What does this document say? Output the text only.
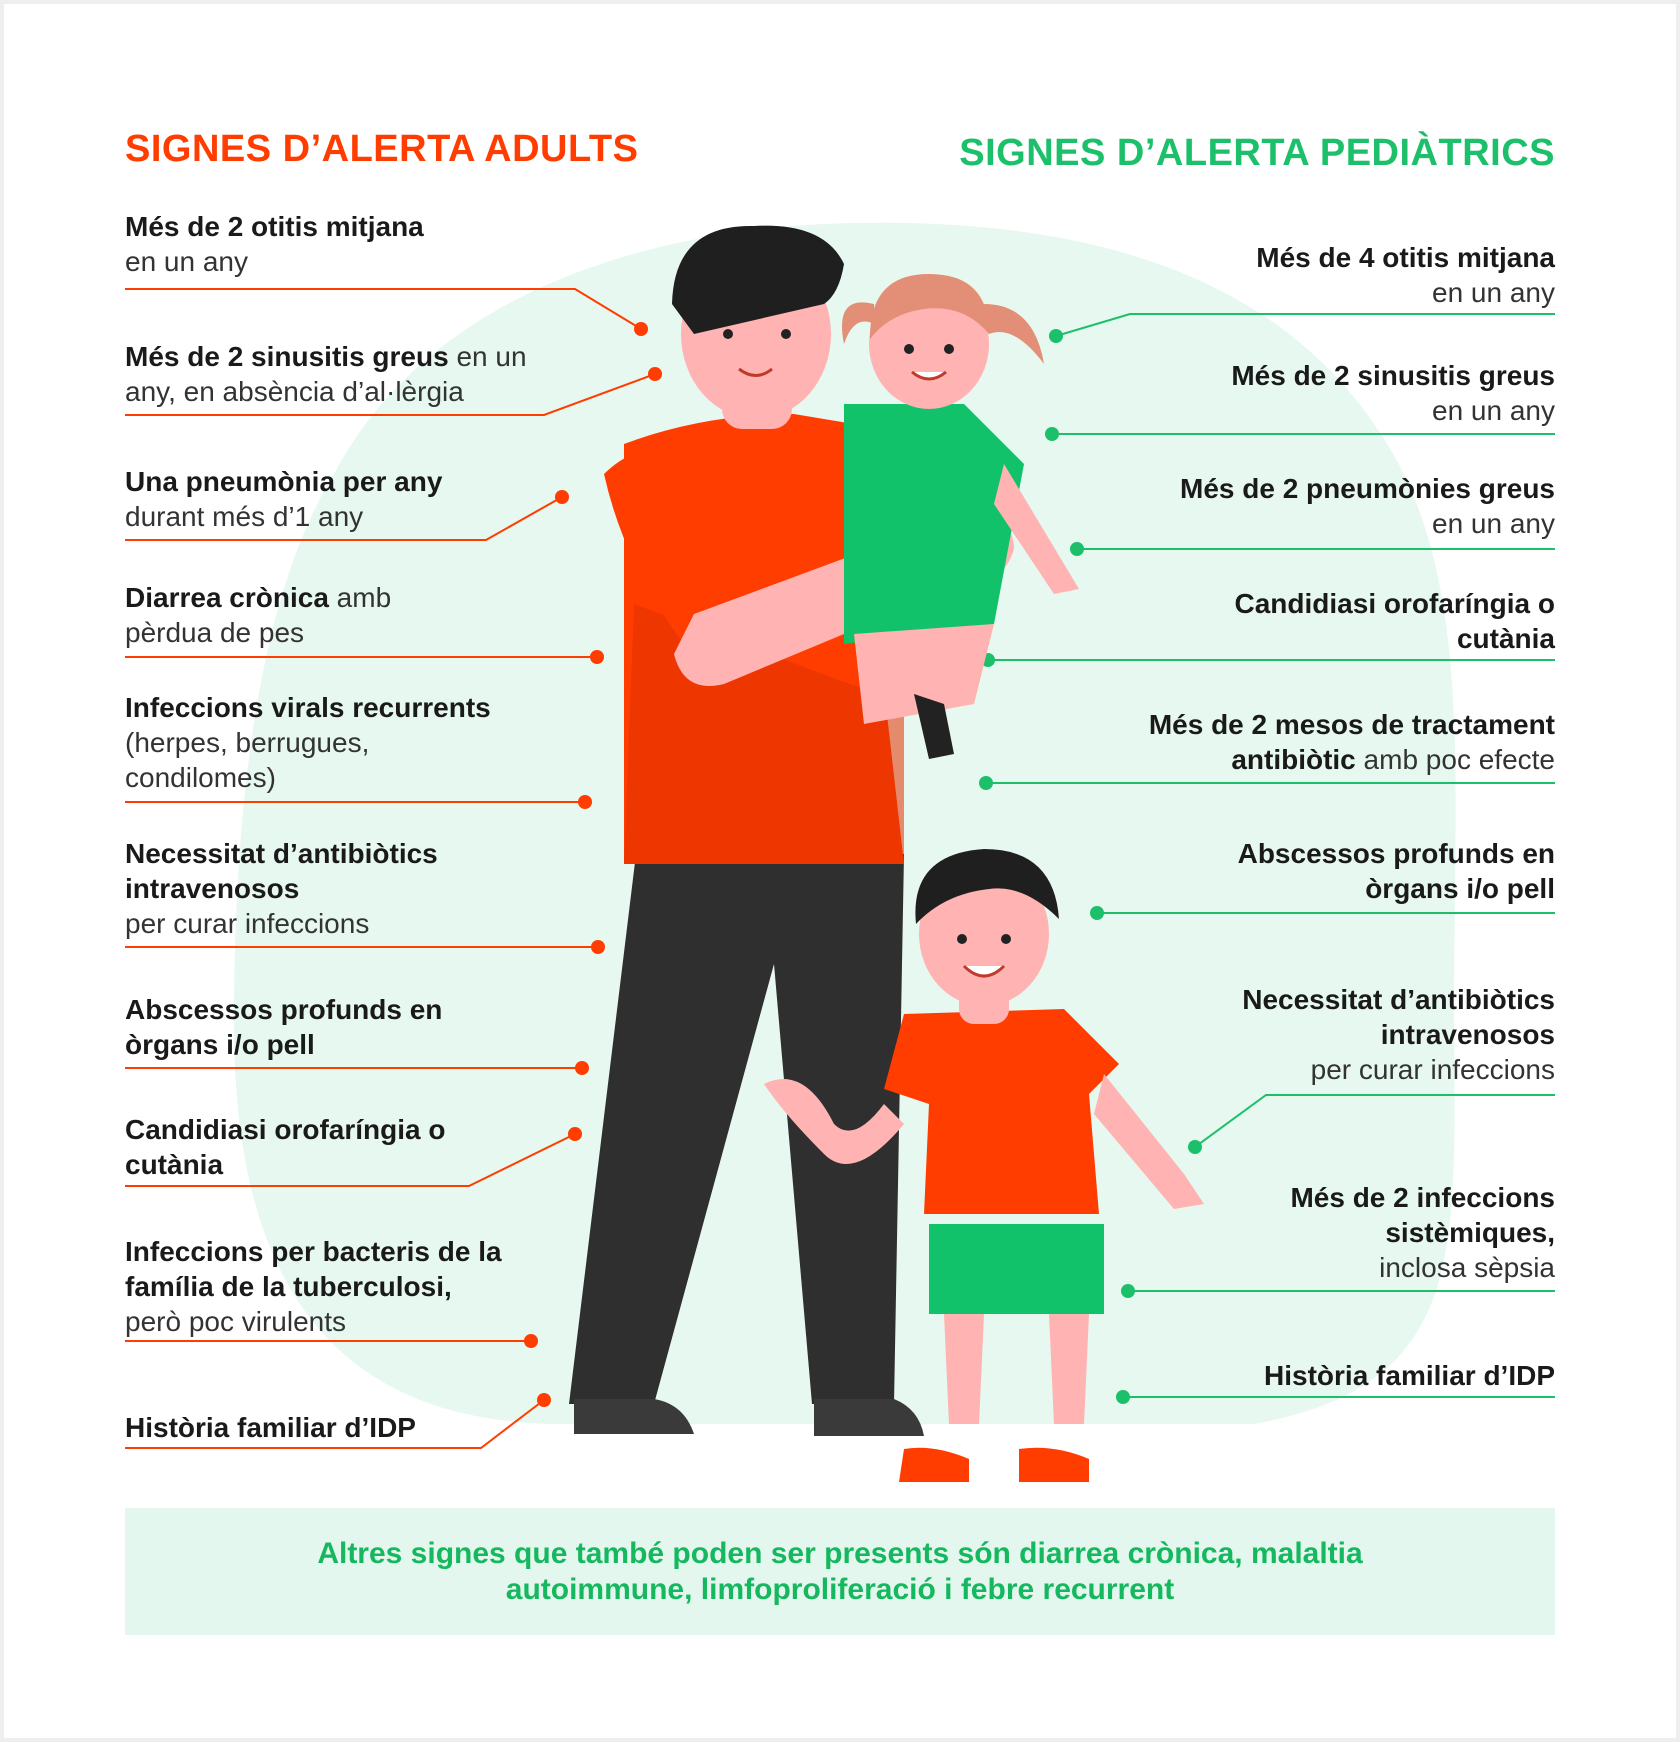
SIGNES D’ALERTA ADULTS	SIGNES D’ALERTA PEDIÀTRICS
Més de 2 otitis mitjana
en un any
Més de 2 sinusitis greus en un any, en absència d’al·lèrgia
Una pneumònia per any durant més d’1 any
Diarrea crònica amb pèrdua de pes
Infeccions virals recurrents
(herpes, berrugues, condilomes)
Necessitat d’antibiòtics intravenosos
per curar infeccions
Abscessos profunds en òrgans i/o pell
Candidiasi orofaríngia o cutània
Infeccions per bacteris de la família de la tuberculosi,
però poc virulents
Història familiar d’IDP
Més de 4 otitis mitjana
en un any
Més de 2 sinusitis greus
en un any
Més de 2 pneumònies greus
en un any
Candidiasi orofaríngia o cutània
Més de 2 mesos de tractament antibiòtic amb poc efecte
Abscessos profunds en òrgans i/o pell
Necessitat d’antibiòtics intravenosos
per curar infeccions
Més de 2 infeccions sistèmiques,
inclosa sèpsia
Història familiar d’IDP
Altres signes que també poden ser presents són diarrea crònica, malaltia autoimmune, limfoproliferació i febre recurrent
